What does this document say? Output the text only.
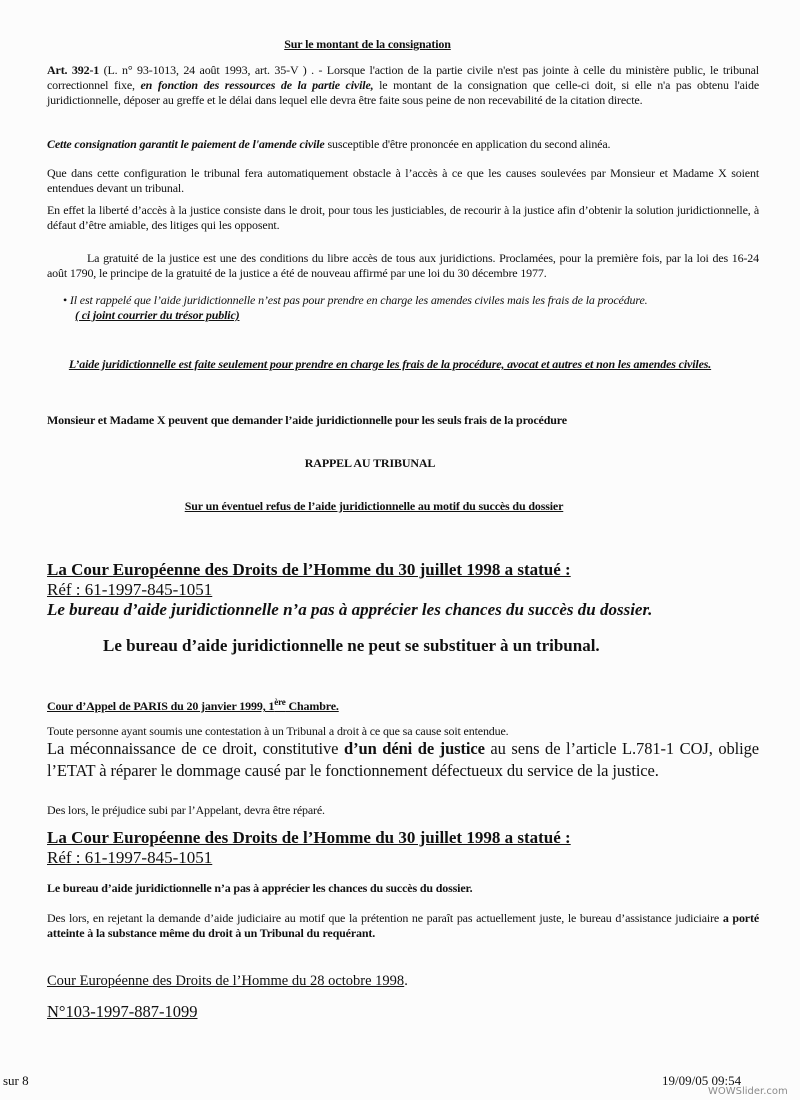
Sur le montant de la consignation
Art. 392-1 (L. n° 93-1013, 24 août 1993, art. 35-V ) . - Lorsque l'action de la partie civile n'est pas jointe à celle du ministère public, le tribunal correctionnel fixe, en fonction des ressources de la partie civile, le montant de la consignation que celle-ci doit, si elle n'a pas obtenu l'aide juridictionnelle, déposer au greffe et le délai dans lequel elle devra être faite sous peine de non recevabilité de la citation directe.
Cette consignation garantit le paiement de l'amende civile susceptible d'être prononcée en application du second alinéa.
Que dans cette configuration le tribunal fera automatiquement obstacle à l’accès à ce que les causes soulevées par Monsieur et Madame X soient entendues devant un tribunal.
En effet la liberté d’accès à la justice consiste dans le droit, pour tous les justiciables, de recourir à la justice afin d’obtenir la solution juridictionnelle, à défaut d’être amiable, des litiges qui les opposent.
La gratuité de la justice est une des conditions du libre accès de tous aux juridictions. Proclamées, pour la première fois, par la loi des 16-24 août 1790, le principe de la gratuité de la justice a été de nouveau affirmé par une loi du 30 décembre 1977.
• Il est rappelé que l’aide juridictionnelle n’est pas pour prendre en charge les amendes civiles mais les frais de la procédure.
( ci joint courrier du trésor public)
L’aide juridictionnelle est faite seulement pour prendre en charge les frais de la procédure, avocat et autres et non les amendes civiles.
Monsieur et Madame X peuvent que demander l’aide juridictionnelle pour les seuls frais de la procédure
RAPPEL AU TRIBUNAL
Sur un éventuel refus de l’aide juridictionnelle au motif du succès du dossier
La Cour Européenne des Droits de l’Homme du 30 juillet 1998 a statué :
Réf : 61-1997-845-1051
Le bureau d’aide juridictionnelle n’a pas à apprécier les chances du succès du dossier.
Le bureau d’aide juridictionnelle ne peut se substituer à un tribunal.
Cour d’Appel de PARIS du 20 janvier 1999, 1ère Chambre.
Toute personne ayant soumis une contestation à un Tribunal a droit à ce que sa cause soit entendue.
La méconnaissance de ce droit, constitutive d’un déni de justice au sens de l’article L.781-1 COJ, oblige l’ETAT à réparer le dommage causé par le fonctionnement défectueux du service de la justice.
Des lors, le préjudice subi par l’Appelant, devra être réparé.
La Cour Européenne des Droits de l’Homme du 30 juillet 1998 a statué :
Réf : 61-1997-845-1051
Le bureau d’aide juridictionnelle n’a pas à apprécier les chances du succès du dossier.
Des lors, en rejetant la demande d’aide judiciaire au motif que la prétention ne paraît pas actuellement juste, le bureau d’assistance judiciaire a porté atteinte à la substance même du droit à un Tribunal du requérant.
Cour Européenne des Droits de l’Homme du 28 octobre 1998.
N°103-1997-887-1099
sur 8	19/09/05 09:54
WOWSlider.com
